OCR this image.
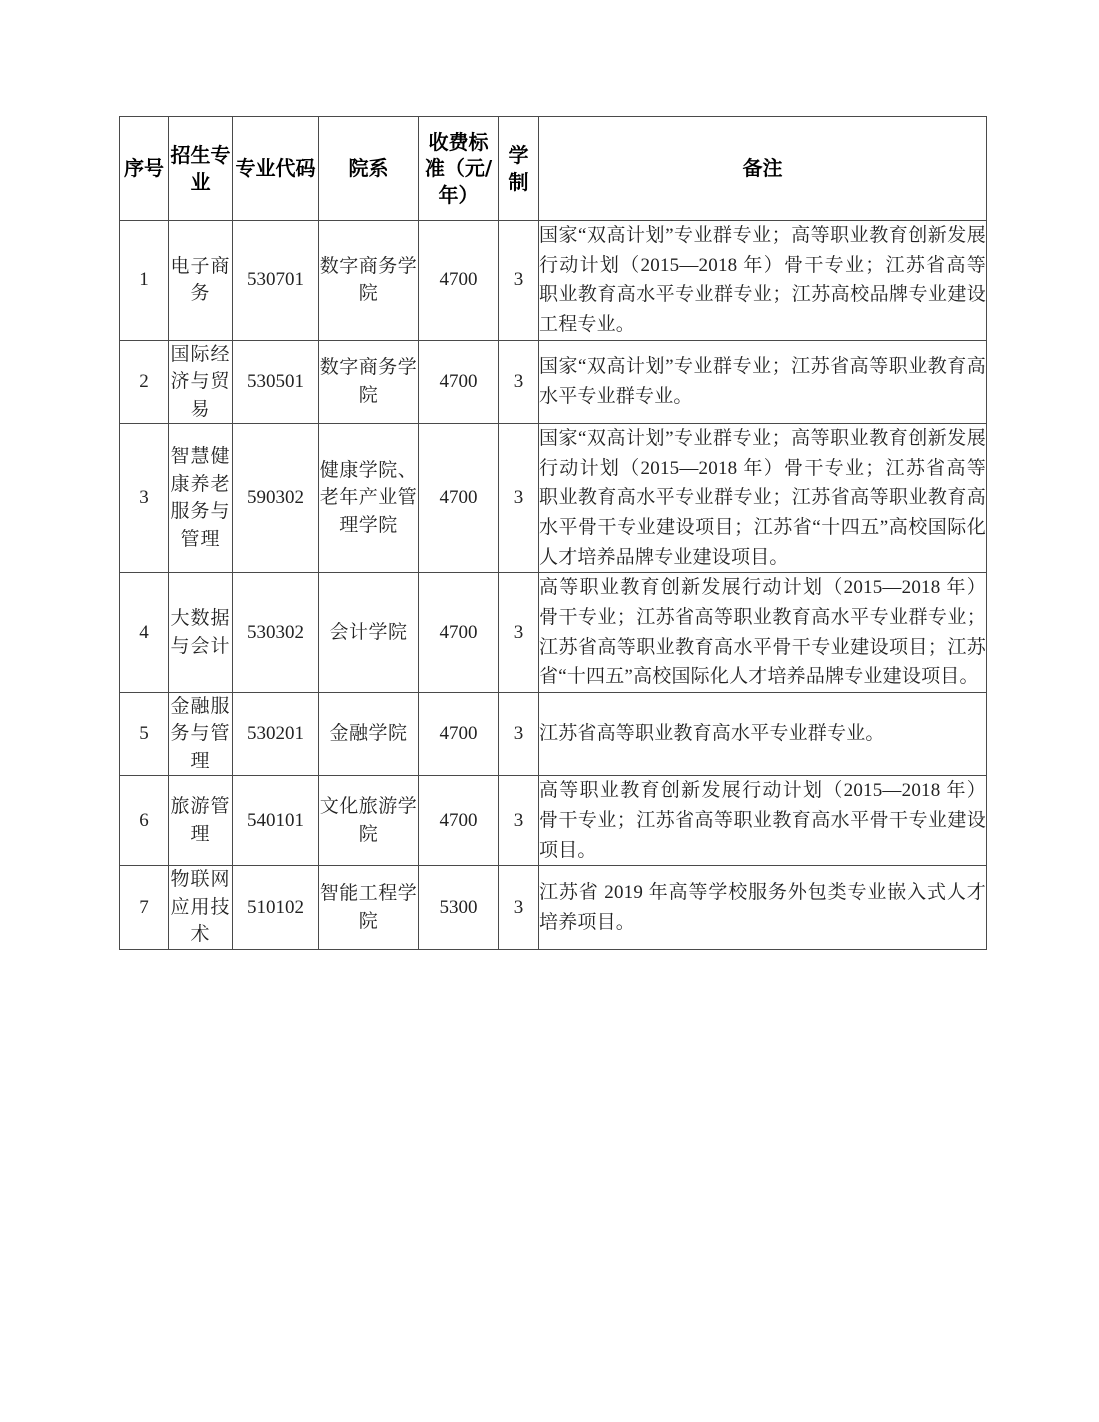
序号	招生专业	专业代码	院系	收费标准（元/年）	学制	备注

1	电子商务	530701	数字商务学院	4700	3	国家“双高计划”专业群专业；高等职业教育创新发展行动计划（2015—2018 年）骨干专业；江苏省高等职业教育高水平专业群专业；江苏高校品牌专业建设工程专业。
2	国际经济与贸易	530501	数字商务学院	4700	3	国家“双高计划”专业群专业；江苏省高等职业教育高水平专业群专业。
3	智慧健康养老服务与管理	590302	健康学院、老年产业管理学院	4700	3	国家“双高计划”专业群专业；高等职业教育创新发展行动计划（2015—2018 年）骨干专业；江苏省高等职业教育高水平专业群专业；江苏省高等职业教育高水平骨干专业建设项目；江苏省“十四五”高校国际化人才培养品牌专业建设项目。
4	大数据与会计	530302	会计学院	4700	3	高等职业教育创新发展行动计划（2015—2018 年）骨干专业；江苏省高等职业教育高水平专业群专业；江苏省高等职业教育高水平骨干专业建设项目；江苏省“十四五”高校国际化人才培养品牌专业建设项目。
5	金融服务与管理	530201	金融学院	4700	3	江苏省高等职业教育高水平专业群专业。
6	旅游管理	540101	文化旅游学院	4700	3	高等职业教育创新发展行动计划（2015—2018 年）骨干专业；江苏省高等职业教育高水平骨干专业建设项目。
7	物联网应用技术	510102	智能工程学院	5300	3	江苏省 2019 年高等学校服务外包类专业嵌入式人才培养项目。
